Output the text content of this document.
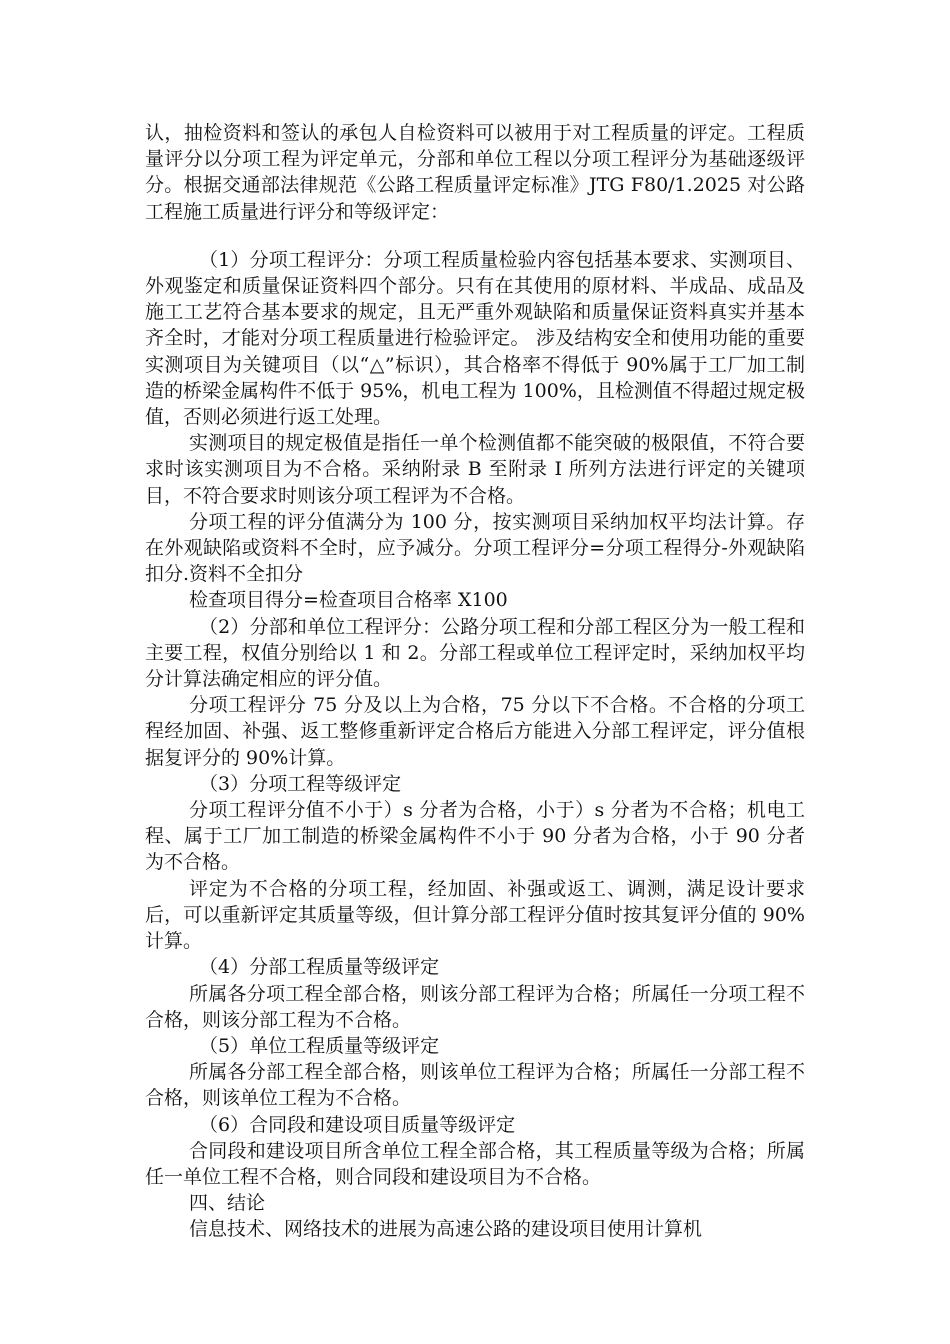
认，抽检资料和签认的承包人自检资料可以被用于对工程质量的评定。工程质量评分以分项工程为评定单元，分部和单位工程以分项工程评分为基础逐级评分。根据交通部法律规范《公路工程质量评定标准》JTG F80/1.2025 对公路工程施工质量进行评分和等级评定：

（1）分项工程评分：分项工程质量检验内容包括基本要求、实测项目、外观鉴定和质量保证资料四个部分。只有在其使用的原材料、半成品、成品及施工工艺符合基本要求的规定，且无严重外观缺陷和质量保证资料真实并基本齐全时，才能对分项工程质量进行检验评定。 涉及结构安全和使用功能的重要实测项目为关键项目（以“△”标识），其合格率不得低于 90%属于工厂加工制造的桥梁金属构件不低于 95%，机电工程为 100%，且检测值不得超过规定极值，否则必须进行返工处理。

实测项目的规定极值是指任一单个检测值都不能突破的极限值，不符合要求时该实测项目为不合格。采纳附录 B 至附录 I 所列方法进行评定的关键项目，不符合要求时则该分项工程评为不合格。

分项工程的评分值满分为 100 分，按实测项目采纳加权平均法计算。存在外观缺陷或资料不全时，应予减分。分项工程评分=分项工程得分-外观缺陷扣分.资料不全扣分

检查项目得分=检查项目合格率 X100

（2）分部和单位工程评分：公路分项工程和分部工程区分为一般工程和主要工程，权值分别给以 1 和 2。分部工程或单位工程评定时，采纳加权平均分计算法确定相应的评分值。

分项工程评分 75 分及以上为合格，75 分以下不合格。不合格的分项工程经加固、补强、返工整修重新评定合格后方能进入分部工程评定，评分值根据复评分的 90%计算。

（3）分项工程等级评定

分项工程评分值不小于）s 分者为合格，小于）s 分者为不合格；机电工程、属于工厂加工制造的桥梁金属构件不小于 90 分者为合格，小于 90 分者为不合格。

评定为不合格的分项工程，经加固、补强或返工、调测，满足设计要求后，可以重新评定其质量等级，但计算分部工程评分值时按其复评分值的 90%计算。

（4）分部工程质量等级评定

所属各分项工程全部合格，则该分部工程评为合格；所属任一分项工程不合格，则该分部工程为不合格。

（5）单位工程质量等级评定

所属各分部工程全部合格，则该单位工程评为合格；所属任一分部工程不合格，则该单位工程为不合格。

（6）合同段和建设项目质量等级评定

合同段和建设项目所含单位工程全部合格，其工程质量等级为合格；所属任一单位工程不合格，则合同段和建设项目为不合格。

四、结论

信息技术、网络技术的进展为高速公路的建设项目使用计算机
